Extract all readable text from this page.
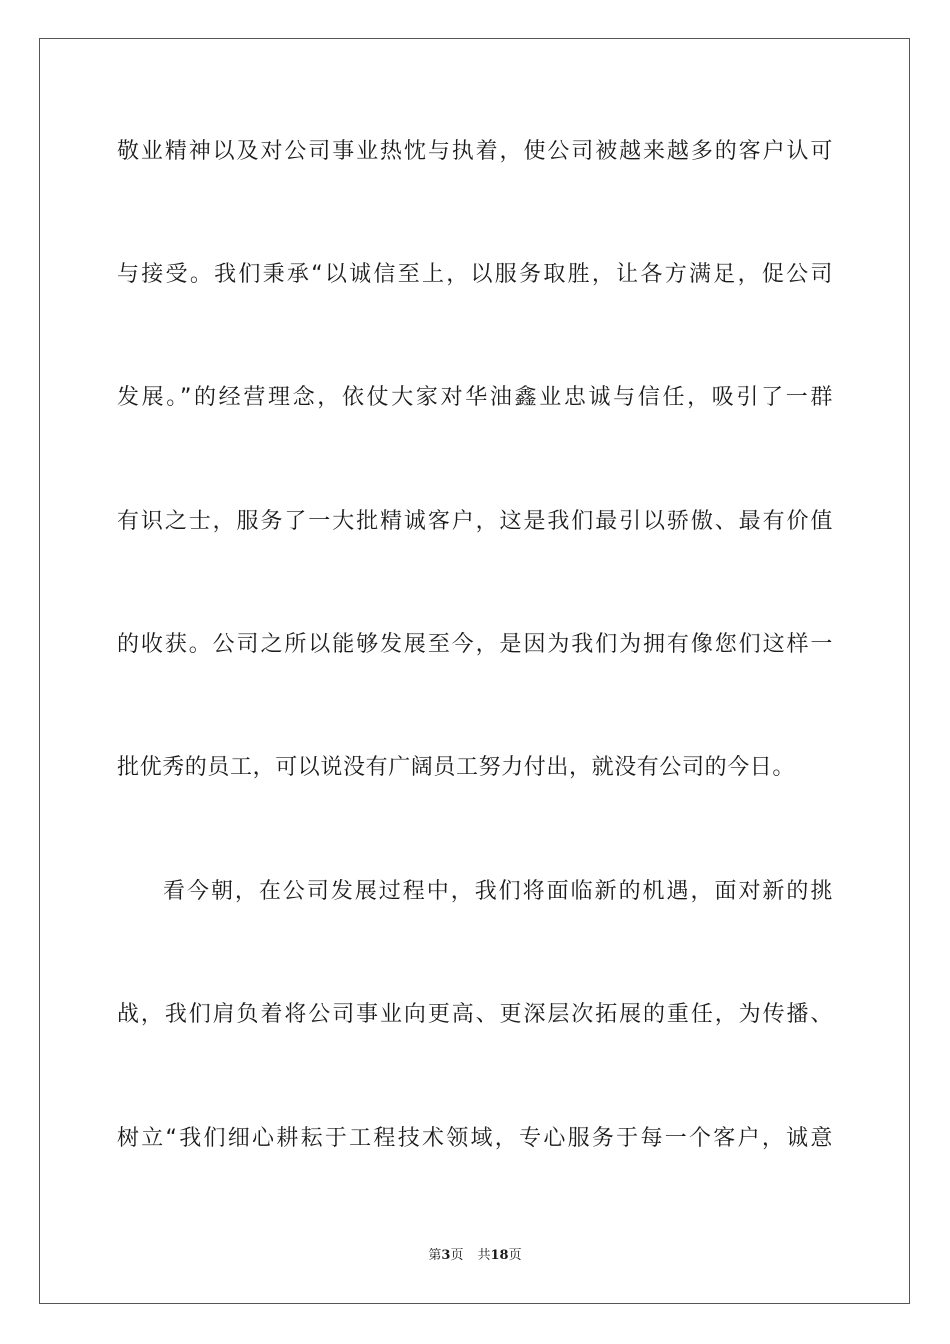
敬业精神以及对公司事业热忱与执着，使公司被越来越多的客户认可
与接受。我们秉承“以诚信至上，以服务取胜，让各方满足，促公司
发展。”的经营理念，依仗大家对华油鑫业忠诚与信任，吸引了一群
有识之士，服务了一大批精诚客户，这是我们最引以骄傲、最有价值
的收获。公司之所以能够发展至今，是因为我们为拥有像您们这样一
批优秀的员工，可以说没有广阔员工努力付出，就没有公司的今日。
看今朝，在公司发展过程中，我们将面临新的机遇，面对新的挑
战，我们肩负着将公司事业向更高、更深层次拓展的重任，为传播、
树立“我们细心耕耘于工程技术领域，专心服务于每一个客户，诚意
第3页 共18页
